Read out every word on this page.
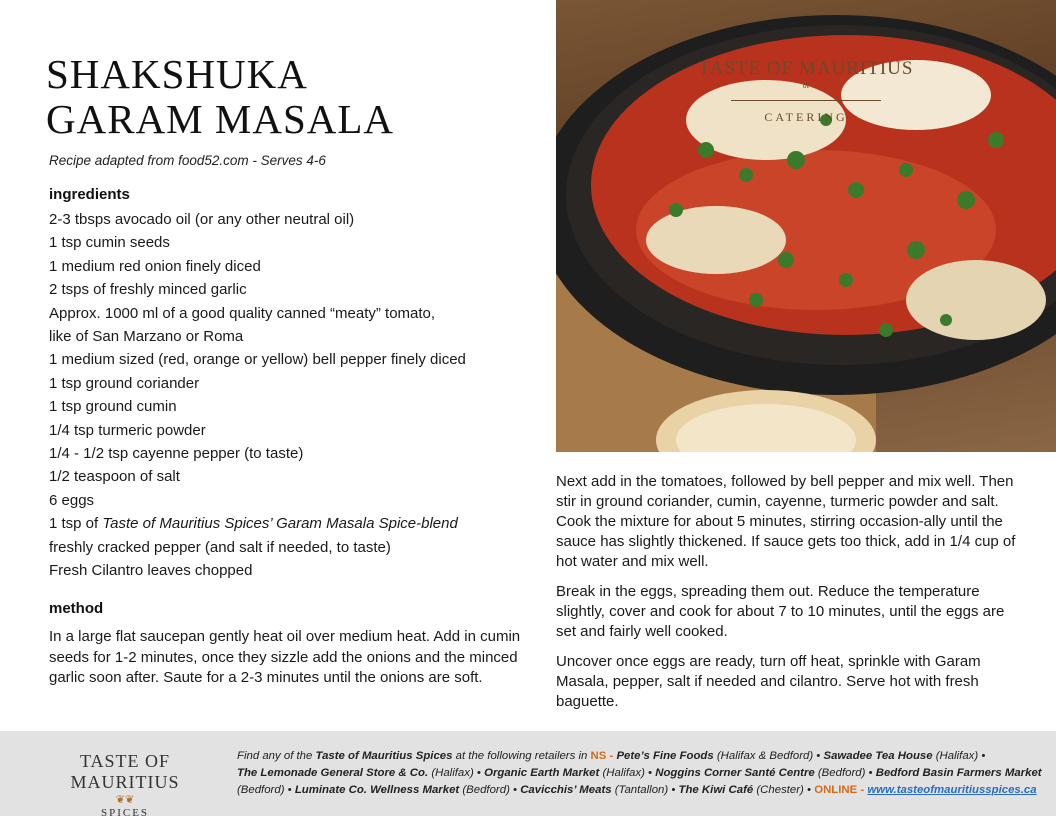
SHAKSHUKA
GARAM MASALA
Recipe adapted from food52.com - Serves 4-6
ingredients
2-3 tbsps avocado oil (or any other neutral oil)
1 tsp cumin seeds
1 medium red onion finely diced
2 tsps of freshly minced garlic
Approx. 1000 ml of a good quality canned “meaty” tomato,
like of San Marzano or Roma
1 medium sized (red, orange or yellow) bell pepper finely diced
1 tsp ground coriander
1 tsp ground cumin
1/4 tsp turmeric powder
1/4 - 1/2 tsp cayenne pepper (to taste)
1/2 teaspoon of salt
6 eggs
1 tsp of Taste of Mauritius Spices’ Garam Masala Spice-blend
freshly cracked pepper (and salt if needed, to taste)
Fresh Cilantro leaves chopped
method

In a large flat saucepan gently heat oil over medium heat. Add in cumin seeds for 1-2 minutes, once they sizzle add the onions and the minced garlic soon after. Saute for a 2-3 minutes until the onions are soft.

TASTE OF MAURITIUS
of
CATERING

Next add in the tomatoes, followed by bell pepper and mix well. Then stir in ground coriander, cumin, cayenne, turmeric powder and salt. Cook the mixture for about 5 minutes, stirring occasion-ally until the sauce has slightly thickened. If sauce gets too thick, add in 1/4 cup of hot water and mix well.

Break in the eggs, spreading them out. Reduce the temperature slightly, cover and cook for about 7 to 10 minutes, until the eggs are set and fairly well cooked.

Uncover once eggs are ready, turn off heat, sprinkle with Garam Masala, pepper, salt if needed and cilantro. Serve hot with fresh baguette.

TASTE OF MAURITIUS
❦❦
SPICES
Find any of the Taste of Mauritius Spices at the following retailers in NS - Pete’s Fine Foods (Halifax & Bedford) • Sawadee Tea House (Halifax) •
The Lemonade General Store & Co. (Halifax) • Organic Earth Market (Halifax) • Noggins Corner Santé Centre (Bedford) • Bedford Basin Farmers Market
(Bedford) • Luminate Co. Wellness Market (Bedford) • Cavicchis’ Meats (Tantallon) • The Kiwi Café (Chester) • ONLINE - www.tasteofmauritiusspices.ca
